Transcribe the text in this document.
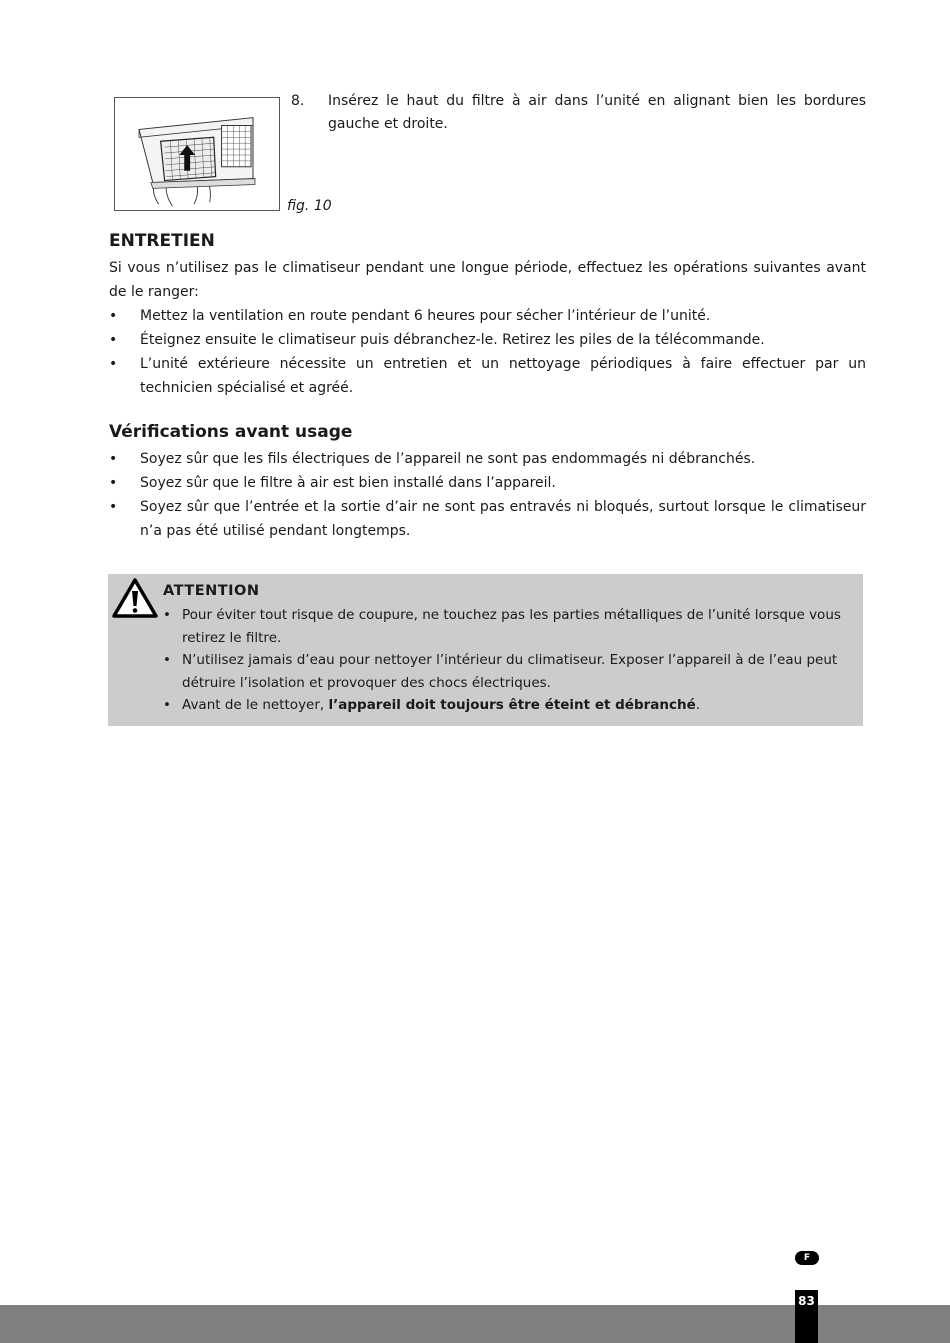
fig. 10
8. Insérez le haut du filtre à air dans l’unité en alignant bien les bordures gauche et droite.
ENTRETIEN

Si vous n’utilisez pas le climatiseur pendant une longue période, effectuez les opérations suivantes avant de le ranger:

• Mettez la ventilation en route pendant 6 heures pour sécher l’intérieur de l’unité.
• Éteignez ensuite le climatiseur puis débranchez-le. Retirez les piles de la télécommande.
• L’unité extérieure nécessite un entretien et un nettoyage périodiques à faire effectuer par un technicien spécialisé et agréé.
Vérifications avant usage
• Soyez sûr que les fils électriques de l’appareil ne sont pas endommagés ni débranchés.
• Soyez sûr que le filtre à air est bien installé dans l’appareil.
• Soyez sûr que l’entrée et la sortie d’air ne sont pas entravés ni bloqués, surtout lorsque le climatiseur n’a pas été utilisé pendant longtemps.
ATTENTION
• Pour éviter tout risque de coupure, ne touchez pas les parties métalliques de l’unité lorsque vous retirez le filtre.
• N’utilisez jamais d’eau pour nettoyer l’intérieur du climatiseur. Exposer l’appareil à de l’eau peut détruire l’isolation et provoquer des chocs électriques.
• Avant de le nettoyer, l’appareil doit toujours être éteint et débranché.
F
83
